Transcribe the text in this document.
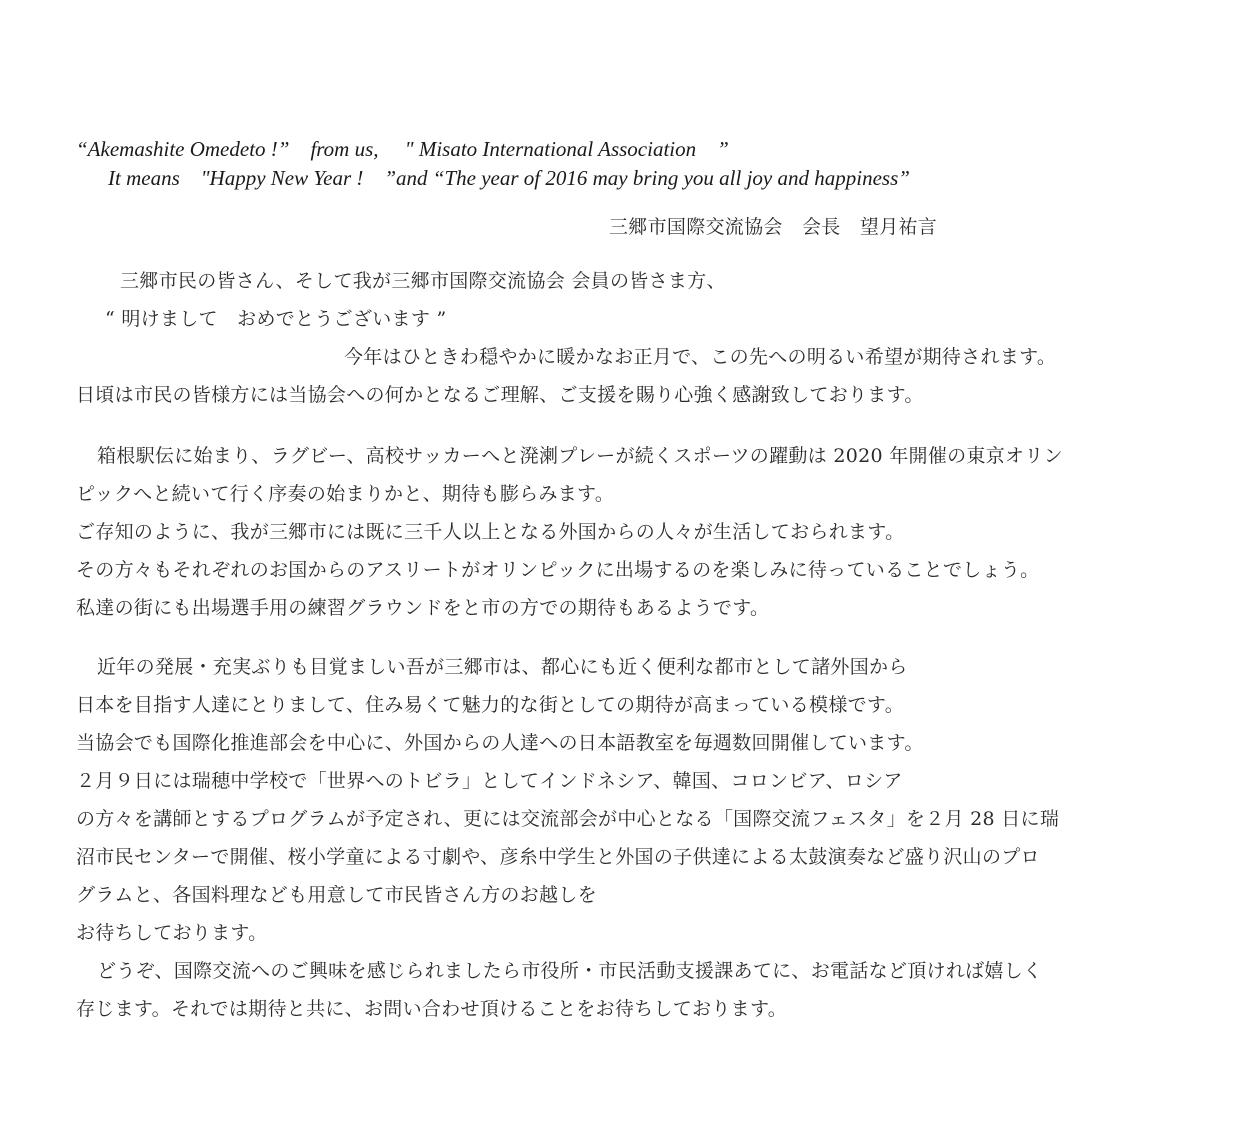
“Akemashite Omedeto !”　from us, 　" Misato International Association　”
It means　"Happy New Year !　”and “The year of 2016 may bring you all joy and happiness”
三郷市国際交流協会　会長　望月祐言
三郷市民の皆さん、そして我が三郷市国際交流協会 会員の皆さま方、
“ 明けまして　おめでとうございます ”
今年はひときわ穏やかに暖かなお正月で、この先への明るい希望が期待されます。
日頃は市民の皆様方には当協会への何かとなるご理解、ご支援を賜り心強く感謝致しております。
箱根駅伝に始まり、ラグビー、高校サッカーへと溌溂プレーが続くスポーツの躍動は 2020 年開催の東京オリン
ピックへと続いて行く序奏の始まりかと、期待も膨らみます。
ご存知のように、我が三郷市には既に三千人以上となる外国からの人々が生活しておられます。
その方々もそれぞれのお国からのアスリートがオリンピックに出場するのを楽しみに待っていることでしょう。
私達の街にも出場選手用の練習グラウンドをと市の方での期待もあるようです。
近年の発展・充実ぶりも目覚ましい吾が三郷市は、都心にも近く便利な都市として諸外国から
日本を目指す人達にとりまして、住み易くて魅力的な街としての期待が高まっている模様です。
当協会でも国際化推進部会を中心に、外国からの人達への日本語教室を毎週数回開催しています。
２月９日には瑞穂中学校で「世界へのトビラ」としてインドネシア、韓国、コロンビア、ロシア
の方々を講師とするプログラムが予定され、更には交流部会が中心となる「国際交流フェスタ」を２月 28 日に瑞
沼市民センターで開催、桜小学童による寸劇や、彦糸中学生と外国の子供達による太鼓演奏など盛り沢山のプロ
グラムと、各国料理なども用意して市民皆さん方のお越しを
お待ちしております。
どうぞ、国際交流へのご興味を感じられましたら市役所・市民活動支援課あてに、お電話など頂ければ嬉しく
存じます。それでは期待と共に、お問い合わせ頂けることをお待ちしております。
